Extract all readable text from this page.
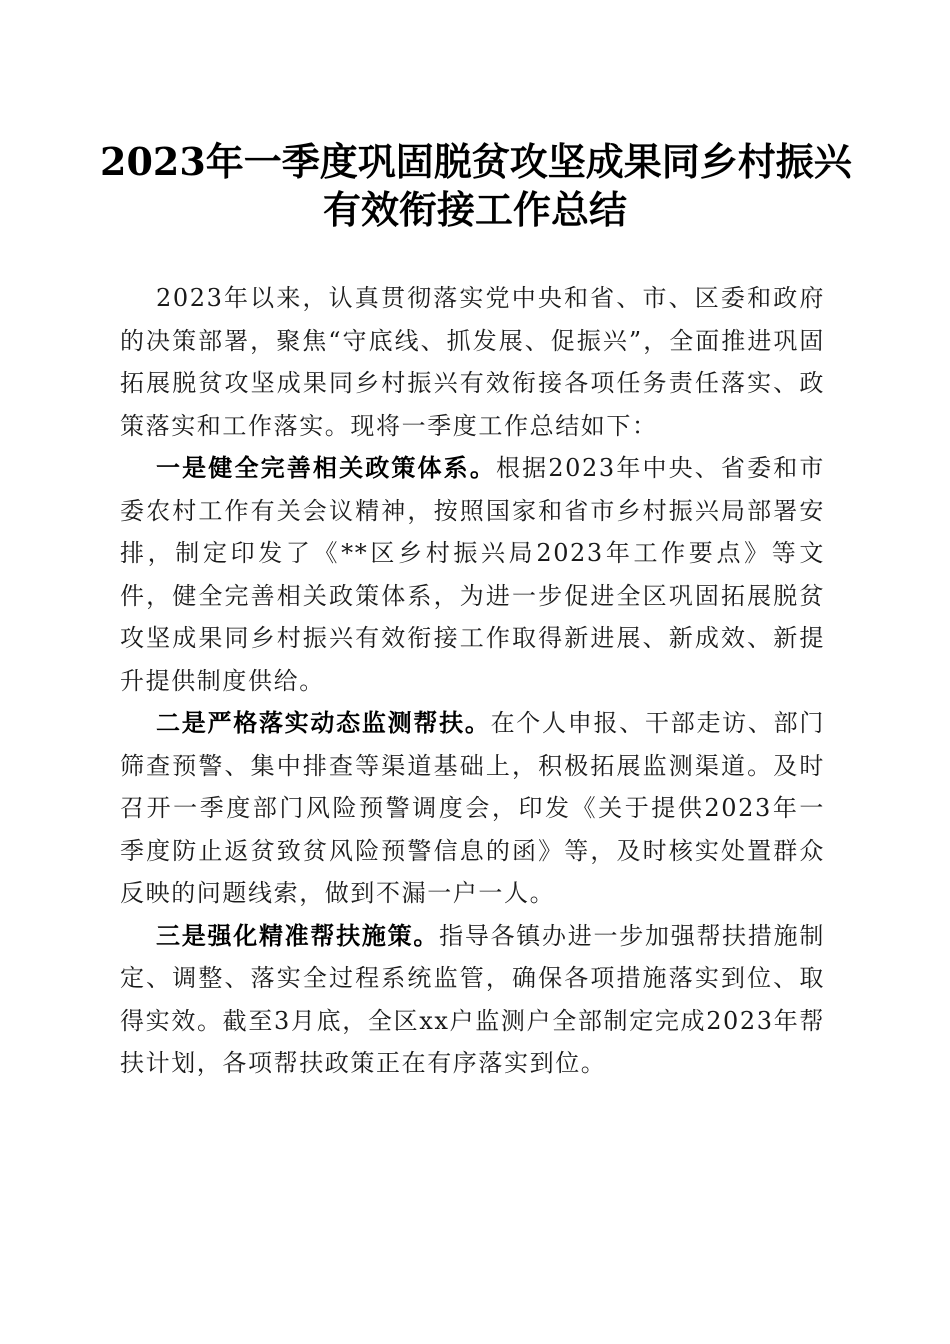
2023年一季度巩固脱贫攻坚成果同乡村振兴
有效衔接工作总结

2023年以来，认真贯彻落实党中央和省、市、区委和政府的决策部署，聚焦“守底线、抓发展、促振兴”，全面推进巩固拓展脱贫攻坚成果同乡村振兴有效衔接各项任务责任落实、政策落实和工作落实。现将一季度工作总结如下：

一是健全完善相关政策体系。根据2023年中央、省委和市委农村工作有关会议精神，按照国家和省市乡村振兴局部署安排，制定印发了《**区乡村振兴局2023年工作要点》等文件，健全完善相关政策体系，为进一步促进全区巩固拓展脱贫攻坚成果同乡村振兴有效衔接工作取得新进展、新成效、新提升提供制度供给。

二是严格落实动态监测帮扶。在个人申报、干部走访、部门筛查预警、集中排查等渠道基础上，积极拓展监测渠道。及时召开一季度部门风险预警调度会，印发《关于提供2023年一季度防止返贫致贫风险预警信息的函》等，及时核实处置群众反映的问题线索，做到不漏一户一人。

三是强化精准帮扶施策。指导各镇办进一步加强帮扶措施制定、调整、落实全过程系统监管，确保各项措施落实到位、取得实效。截至3月底，全区xx户监测户全部制定完成2023年帮扶计划，各项帮扶政策正在有序落实到位。
